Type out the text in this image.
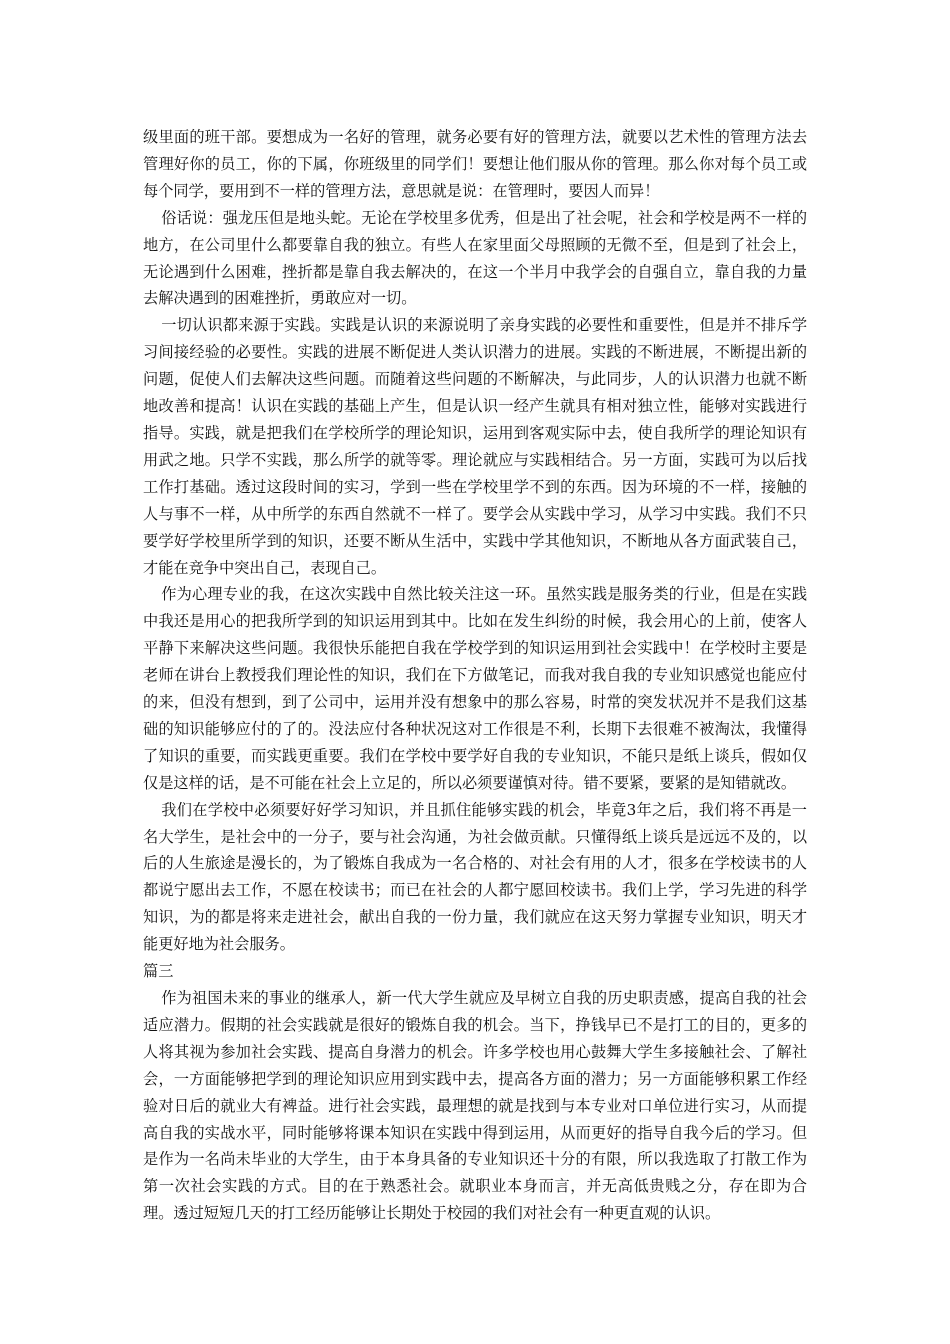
级里面的班干部。要想成为一名好的管理，就务必要有好的管理方法，就要以艺术性的管理方法去管理好你的员工，你的下属，你班级里的同学们！要想让他们服从你的管理。那么你对每个员工或每个同学，要用到不一样的管理方法，意思就是说：在管理时，要因人而异！

俗话说：强龙压但是地头蛇。无论在学校里多优秀，但是出了社会呢，社会和学校是两不一样的地方，在公司里什么都要靠自我的独立。有些人在家里面父母照顾的无微不至，但是到了社会上，无论遇到什么困难，挫折都是靠自我去解决的，在这一个半月中我学会的自强自立，靠自我的力量去解决遇到的困难挫折，勇敢应对一切。

一切认识都来源于实践。实践是认识的来源说明了亲身实践的必要性和重要性，但是并不排斥学习间接经验的必要性。实践的进展不断促进人类认识潜力的进展。实践的不断进展，不断提出新的问题，促使人们去解决这些问题。而随着这些问题的不断解决，与此同步，人的认识潜力也就不断地改善和提高！认识在实践的基础上产生，但是认识一经产生就具有相对独立性，能够对实践进行指导。实践，就是把我们在学校所学的理论知识，运用到客观实际中去，使自我所学的理论知识有用武之地。只学不实践，那么所学的就等零。理论就应与实践相结合。另一方面，实践可为以后找工作打基础。透过这段时间的实习，学到一些在学校里学不到的东西。因为环境的不一样，接触的人与事不一样，从中所学的东西自然就不一样了。要学会从实践中学习，从学习中实践。我们不只要学好学校里所学到的知识，还要不断从生活中，实践中学其他知识，不断地从各方面武装自己，才能在竞争中突出自己，表现自己。

作为心理专业的我，在这次实践中自然比较关注这一环。虽然实践是服务类的行业，但是在实践中我还是用心的把我所学到的知识运用到其中。比如在发生纠纷的时候，我会用心的上前，使客人平静下来解决这些问题。我很快乐能把自我在学校学到的知识运用到社会实践中！在学校时主要是老师在讲台上教授我们理论性的知识，我们在下方做笔记，而我对我自我的专业知识感觉也能应付的来，但没有想到，到了公司中，运用并没有想象中的那么容易，时常的突发状况并不是我们这基础的知识能够应付的了的。没法应付各种状况这对工作很是不利，长期下去很难不被淘汰，我懂得了知识的重要，而实践更重要。我们在学校中要学好自我的专业知识，不能只是纸上谈兵，假如仅仅是这样的话，是不可能在社会上立足的，所以必须要谨慎对待。错不要紧，要紧的是知错就改。

我们在学校中必须要好好学习知识，并且抓住能够实践的机会，毕竟3年之后，我们将不再是一名大学生，是社会中的一分子，要与社会沟通，为社会做贡献。只懂得纸上谈兵是远远不及的，以后的人生旅途是漫长的，为了锻炼自我成为一名合格的、对社会有用的人才，很多在学校读书的人都说宁愿出去工作，不愿在校读书；而已在社会的人都宁愿回校读书。我们上学，学习先进的科学知识，为的都是将来走进社会，献出自我的一份力量，我们就应在这天努力掌握专业知识，明天才能更好地为社会服务。

篇三

作为祖国未来的事业的继承人，新一代大学生就应及早树立自我的历史职责感，提高自我的社会适应潜力。假期的社会实践就是很好的锻炼自我的机会。当下，挣钱早已不是打工的目的，更多的人将其视为参加社会实践、提高自身潜力的机会。许多学校也用心鼓舞大学生多接触社会、了解社会，一方面能够把学到的理论知识应用到实践中去，提高各方面的潜力；另一方面能够积累工作经验对日后的就业大有裨益。进行社会实践，最理想的就是找到与本专业对口单位进行实习，从而提高自我的实战水平，同时能够将课本知识在实践中得到运用，从而更好的指导自我今后的学习。但是作为一名尚未毕业的大学生，由于本身具备的专业知识还十分的有限，所以我选取了打散工作为第一次社会实践的方式。目的在于熟悉社会。就职业本身而言，并无高低贵贱之分，存在即为合理。透过短短几天的打工经历能够让长期处于校园的我们对社会有一种更直观的认识。
